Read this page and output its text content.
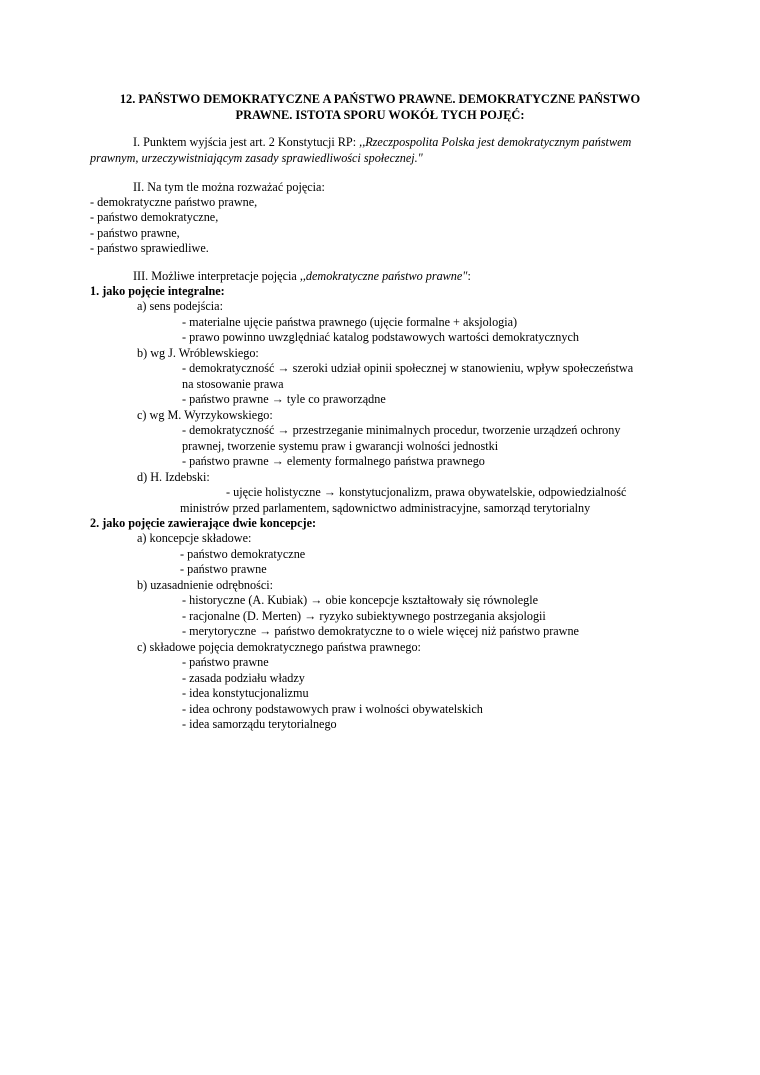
12. PAŃSTWO DEMOKRATYCZNE A PAŃSTWO PRAWNE. DEMOKRATYCZNE PAŃSTWO
PRAWNE. ISTOTA SPORU WOKÓŁ TYCH POJĘĆ:
I. Punktem wyjścia jest art. 2 Konstytucji RP: ,,Rzeczpospolita Polska jest demokratycznym państwem
prawnym, urzeczywistniającym zasady sprawiedliwości społecznej."
II. Na tym tle można rozważać pojęcia:
- demokratyczne państwo prawne,
- państwo demokratyczne,
- państwo prawne,
- państwo sprawiedliwe.
III. Możliwe interpretacje pojęcia ,,demokratyczne państwo prawne":
1. jako pojęcie integralne:
a) sens podejścia:
- materialne ujęcie państwa prawnego (ujęcie formalne + aksjologia)
- prawo powinno uwzględniać katalog podstawowych wartości demokratycznych
b) wg J. Wróblewskiego:
- demokratyczność → szeroki udział opinii społecznej w stanowieniu, wpływ społeczeństwa
na stosowanie prawa
- państwo prawne → tyle co praworządne
c) wg M. Wyrzykowskiego:
- demokratyczność → przestrzeganie minimalnych procedur, tworzenie urządzeń ochrony
prawnej, tworzenie systemu praw i gwarancji wolności jednostki
- państwo prawne → elementy formalnego państwa prawnego
d) H. Izdebski:
- ujęcie holistyczne → konstytucjonalizm, prawa obywatelskie, odpowiedzialność
ministrów przed parlamentem, sądownictwo administracyjne, samorząd terytorialny
2. jako pojęcie zawierające dwie koncepcje:
a) koncepcje składowe:
- państwo demokratyczne
- państwo prawne
b) uzasadnienie odrębności:
- historyczne (A. Kubiak) → obie koncepcje kształtowały się równolegle
- racjonalne (D. Merten) → ryzyko subiektywnego postrzegania aksjologii
- merytoryczne → państwo demokratyczne to o wiele więcej niż państwo prawne
c) składowe pojęcia demokratycznego państwa prawnego:
- państwo prawne
- zasada podziału władzy
- idea konstytucjonalizmu
- idea ochrony podstawowych praw i wolności obywatelskich
- idea samorządu terytorialnego
